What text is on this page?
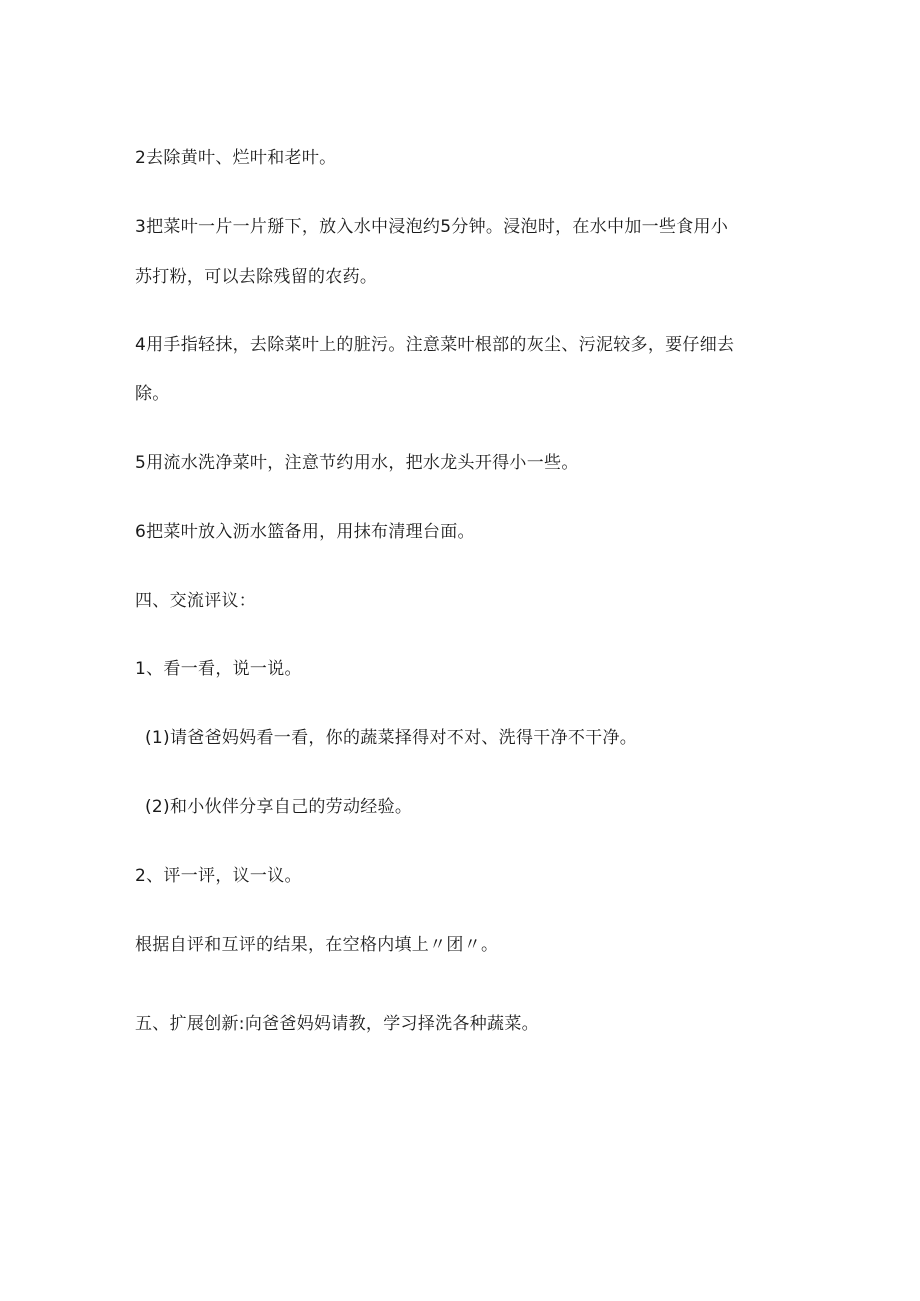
2去除黄叶、烂叶和老叶。
3把菜叶一片一片掰下，放入水中浸泡约5分钟。浸泡时，在水中加一些食用小
苏打粉，可以去除残留的农药。
4用手指轻抹，去除菜叶上的脏污。注意菜叶根部的灰尘、污泥较多，要仔细去
除。
5用流水洗净菜叶，注意节约用水，把水龙头开得小一些。
6把菜叶放入沥水篮备用，用抹布清理台面。
四、交流评议：
1、看一看，说一说。
(1)请爸爸妈妈看一看，你的蔬菜择得对不对、洗得干净不干净。
(2)和小伙伴分享自己的劳动经验。
2、评一评，议一议。
根据自评和互评的结果，在空格内填上〃团〃。
五、扩展创新:向爸爸妈妈请教，学习择洗各种蔬菜。
